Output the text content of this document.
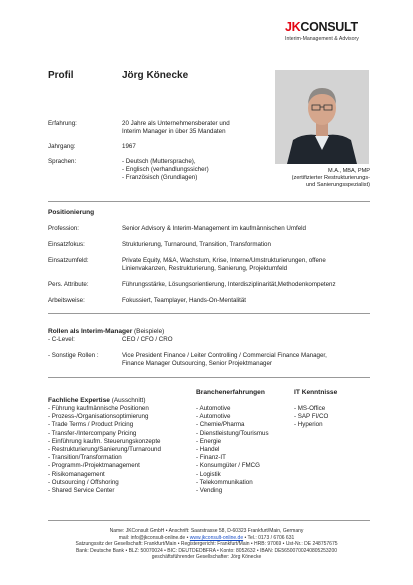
JKCONSULT
Interim-Management & Advisory
Profil	Jörg Könecke
M.A., MBA, PMP
(zertifizierter Restrukturierungs-
und Sanierungsspezialist)
Erfahrung:	20 Jahre als Unternehmensberater und
Interim Manager in über 35 Mandaten
Jahrgang:	1967
Sprachen:	- Deutsch (Muttersprache),
- Englisch (verhandlungssicher)
- Französisch (Grundlagen)
Positionierung
Profession:	Senior Advisory & Interim-Management im kaufmännischen Umfeld
Einsatzfokus:	Strukturierung, Turnaround, Transition, Transformation
Einsatzumfeld:	Private Equity, M&A, Wachstum, Krise, Interne/Umstrukturierungen, offene
Linienvakanzen, Restrukturierung, Sanierung, Projektumfeld
Pers. Attribute:	Führungsstärke, Lösungsorientierung, Interdisziplinarität,Methodenkompetenz
Arbeitsweise:	Fokussiert, Teamplayer, Hands-On-Mentalität
Rollen als Interim-Manager (Beispiele)
- C-Level:	CEO / CFO / CRO
- Sonstige Rollen :	Vice President Finance / Leiter Controlling / Commercial Finance Manager,
Finance Manager Outsourcing, Senior Projektmanager
Fachliche Expertise (Ausschnitt)
- Führung kaufmännische Positionen
- Prozess-/Organisationsoptimierung
- Trade Terms / Product Pricing
- Transfer-/Intercompany Pricing
- Einführung kaufm. Steuerungskonzepte
- Restrukturierung/Sanierung/Turnaround
- Transition/Transformation
- Programm-/Projektmanagement
- Risikomanagement
- Outsourcing / Offshoring
- Shared Service Center
Branchenerfahrungen
- Automotive
- Automotive
- Chemie/Pharma
- Dienstleistung/Tourismus
- Energie
- Handel
- Finanz-IT
- Konsumgüter / FMCG
- Logistik
- Telekommunikation
- Vending
IT Kenntnisse
- MS-Office
- SAP FI/CO
- Hyperion
Name: JKConsult GmbH • Anschrift: Saarstrasse 58, D-60323 Frankfurt/Main, Germany
mail: info@jkconsult-online.de • www.jkconsult-online.de • Tel.: 0173 / 6706 631
Satzungssitz der Gesellschaft: Frankfurt/Main • Registergericht: Frankfurt/Main • HRB: 97069 • Ust-Nr.: DE 248757675
Bank: Deutsche Bank • BLZ: 50070024 • BIC: DEUTDEDBFRA • Konto: 8052632 • IBAN: DE56500700240805253200
geschäftsführender Gesellschafter: Jörg Könecke
